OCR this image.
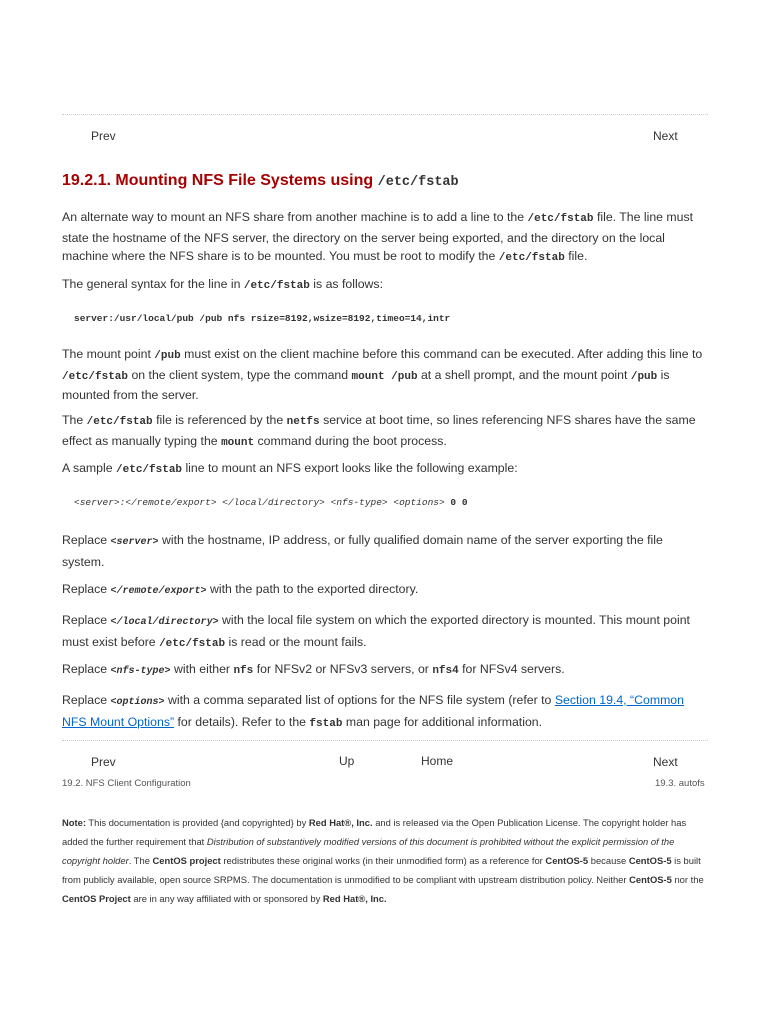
Prev	Next
19.2.1. Mounting NFS File Systems using /etc/fstab

An alternate way to mount an NFS share from another machine is to add a line to the /etc/fstab file. The line must state the hostname of the NFS server, the directory on the server being exported, and the directory on the local machine where the NFS share is to be mounted. You must be root to modify the /etc/fstab file.

The general syntax for the line in /etc/fstab is as follows:

server:/usr/local/pub /pub nfs rsize=8192,wsize=8192,timeo=14,intr

The mount point /pub must exist on the client machine before this command can be executed. After adding this line to /etc/fstab on the client system, type the command mount /pub at a shell prompt, and the mount point /pub is mounted from the server.

The /etc/fstab file is referenced by the netfs service at boot time, so lines referencing NFS shares have the same effect as manually typing the mount command during the boot process.

A sample /etc/fstab line to mount an NFS export looks like the following example:

<server>:</remote/export> </local/directory> <nfs-type> <options> 0 0

Replace <server> with the hostname, IP address, or fully qualified domain name of the server exporting the file system.

Replace </remote/export> with the path to the exported directory.

Replace </local/directory> with the local file system on which the exported directory is mounted. This mount point must exist before /etc/fstab is read or the mount fails.

Replace <nfs-type> with either nfs for NFSv2 or NFSv3 servers, or nfs4 for NFSv4 servers.

Replace <options> with a comma separated list of options for the NFS file system (refer to Section 19.4, “Common NFS Mount Options” for details). Refer to the fstab man page for additional information.

Prev	Up	Home	Next
19.2. NFS Client Configuration	19.3. autofs

Note: This documentation is provided {and copyrighted} by Red Hat®, Inc. and is released via the Open Publication License. The copyright holder has added the further requirement that Distribution of substantively modified versions of this document is prohibited without the explicit permission of the copyright holder. The CentOS project redistributes these original works (in their unmodified form) as a reference for CentOS-5 because CentOS-5 is built from publicly available, open source SRPMS. The documentation is unmodified to be compliant with upstream distribution policy. Neither CentOS-5 nor the CentOS Project are in any way affiliated with or sponsored by Red Hat®, Inc.
